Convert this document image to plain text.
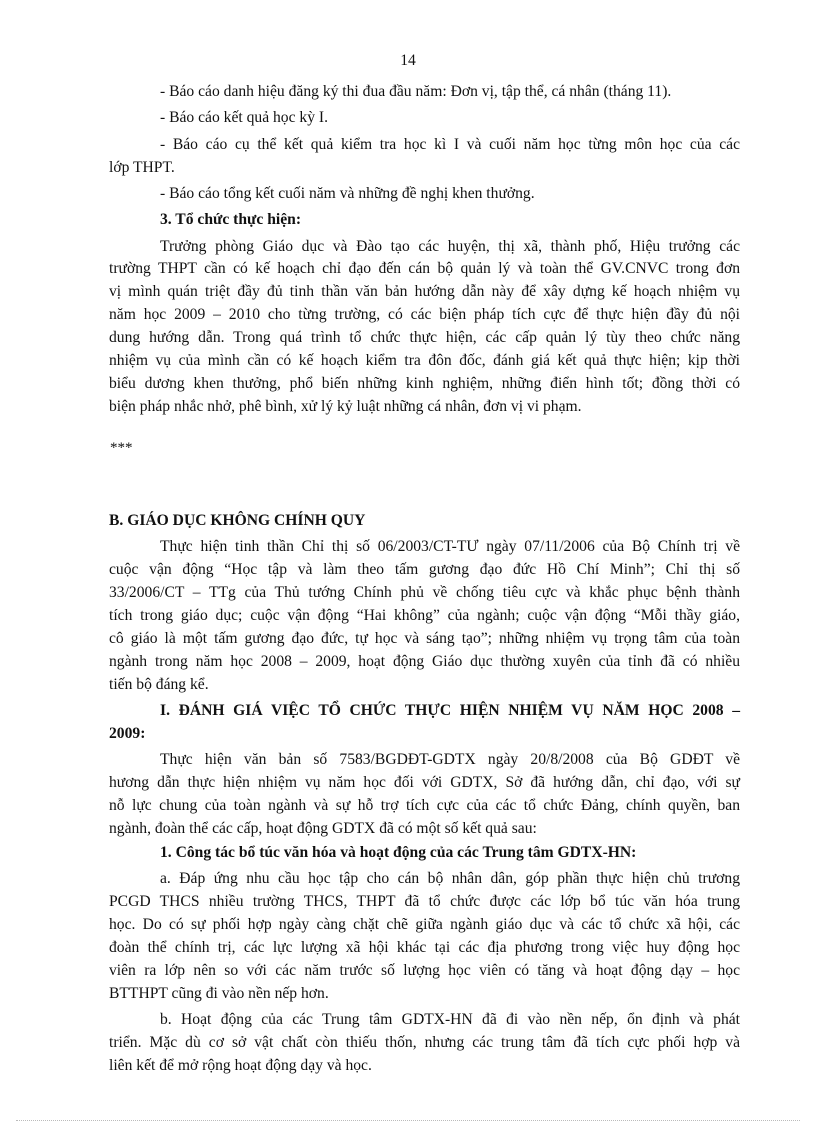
14
- Báo cáo danh hiệu đăng ký thi đua đầu năm: Đơn vị, tập thể, cá nhân (tháng 11).
- Báo cáo kết quả học kỳ I.
- Báo cáo cụ thể kết quả kiểm tra học kì I và cuối năm học từng môn học của các
lớp THPT.
- Báo cáo tổng kết cuối năm và những đề nghị khen thưởng.
3. Tổ chức thực hiện:
Trưởng phòng Giáo dục và Đào tạo các huyện, thị xã, thành phố, Hiệu trưởng các
trường THPT cần có kế hoạch chỉ đạo đến cán bộ quản lý và toàn thể GV.CNVC trong đơn
vị mình quán triệt đầy đủ tinh thần văn bản hướng dẫn này để xây dựng kế hoạch nhiệm vụ
năm học 2009 – 2010 cho từng trường, có các biện pháp tích cực để thực hiện đầy đủ nội
dung hướng dẫn. Trong quá trình tổ chức thực hiện, các cấp quản lý tùy theo chức năng
nhiệm vụ của mình cần có kế hoạch kiểm tra đôn đốc, đánh giá kết quả thực hiện; kịp thời
biểu dương khen thưởng, phổ biến những kinh nghiệm, những điển hình tốt; đồng thời có
biện pháp nhắc nhở, phê bình, xử lý kỷ luật những cá nhân, đơn vị vi phạm.
B. GIÁO DỤC KHÔNG CHÍNH QUY
Thực hiện tinh thần Chỉ thị số 06/2003/CT-TƯ ngày 07/11/2006 của Bộ Chính trị về
cuộc vận động “Học tập và làm theo tấm gương đạo đức Hồ Chí Minh”; Chỉ thị số
33/2006/CT – TTg của Thủ tướng Chính phủ về chống tiêu cực và khắc phục bệnh thành
tích trong giáo dục; cuộc vận động “Hai không” của ngành; cuộc vận động “Mỗi thầy giáo,
cô giáo là một tấm gương đạo đức, tự học và sáng tạo”; những nhiệm vụ trọng tâm của toàn
ngành trong năm học 2008 – 2009, hoạt động Giáo dục thường xuyên của tỉnh đã có nhiều
tiến bộ đáng kể.
I. ĐÁNH GIÁ VIỆC TỔ CHỨC THỰC HIỆN NHIỆM VỤ NĂM HỌC 2008 –
2009:
Thực hiện văn bản số 7583/BGDĐT-GDTX ngày 20/8/2008 của Bộ GDĐT về
hương dẫn thực hiện nhiệm vụ năm học đối với GDTX, Sở đã hướng dẫn, chỉ đạo, với sự
nỗ lực chung của toàn ngành và sự hỗ trợ tích cực của các tổ chức Đảng, chính quyền, ban
ngành, đoàn thể các cấp, hoạt động GDTX đã có một số kết quả sau:
1. Công tác bổ túc văn hóa và hoạt động của các Trung tâm GDTX-HN:
a. Đáp ứng nhu cầu học tập cho cán bộ nhân dân, góp phần thực hiện chủ trương
PCGD THCS nhiều trường THCS, THPT đã tổ chức được các lớp bổ túc văn hóa trung
học. Do có sự phối hợp ngày càng chặt chẽ giữa ngành giáo dục và các tổ chức xã hội, các
đoàn thể chính trị, các lực lượng xã hội khác tại các địa phương trong việc huy động học
viên ra lớp nên so với các năm trước số lượng học viên có tăng và hoạt động dạy – học
BTTHPT cũng đi vào nền nếp hơn.
b. Hoạt động của các Trung tâm GDTX-HN đã đi vào nền nếp, ổn định và phát
triển. Mặc dù cơ sở vật chất còn thiếu thốn, nhưng các trung tâm đã tích cực phối hợp và
liên kết để mở rộng hoạt động dạy và học.
***
